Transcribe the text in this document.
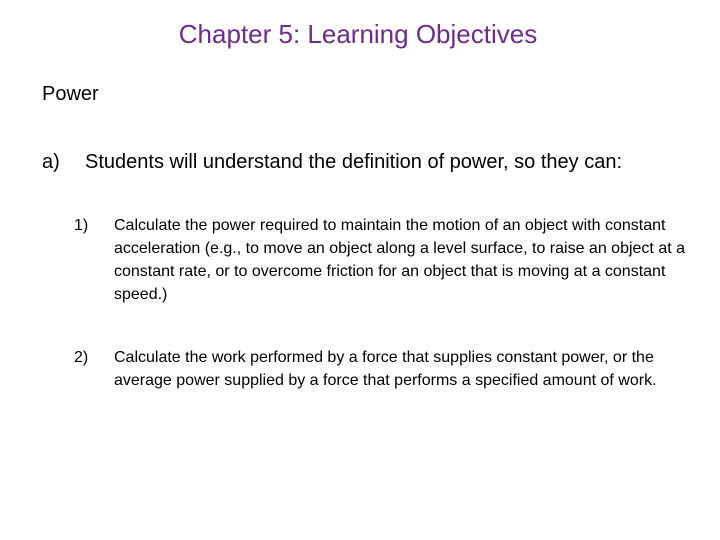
Chapter 5: Learning Objectives
Power
a) Students will understand the definition of power, so they can:
1)	Calculate the power required to maintain the motion of an object with constant acceleration (e.g., to move an object along a level surface, to raise an object at a constant rate, or to overcome friction for an object that is moving at a constant speed.)
2)	Calculate the work performed by a force that supplies constant power, or the average power supplied by a force that performs a specified amount of work.
